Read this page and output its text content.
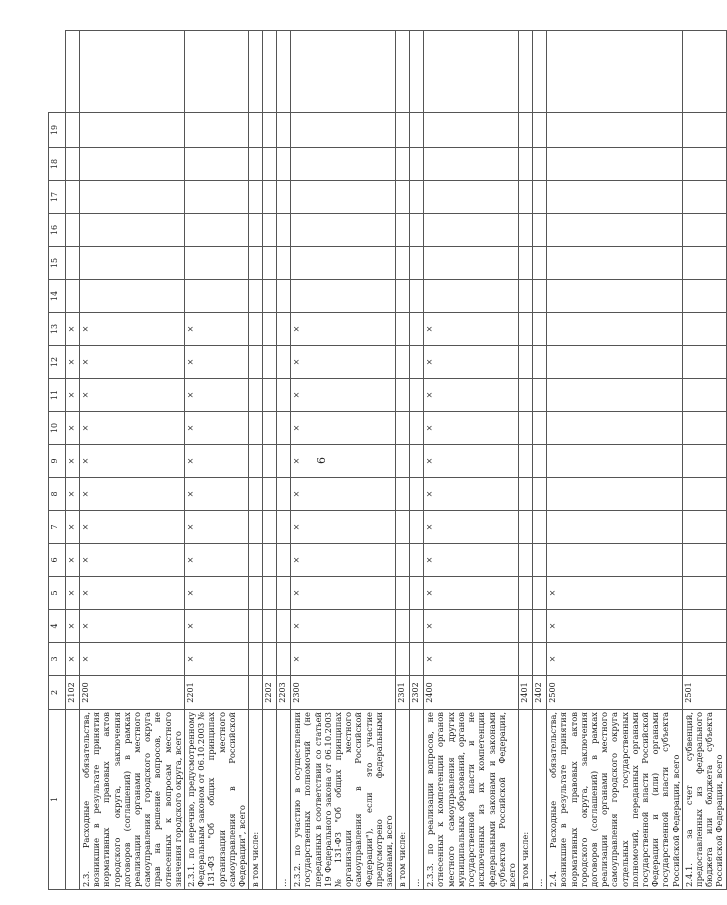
1	2	3	4	5	6	7	8	9	10	11	12	13	14	15	16	17	18	19	
	2102	×	×	×	×	×	×	×	×	×	×	×							
2.3. Расходные обязательства, возникшие в результате принятия нормативных правовых актов городского округа, заключения договоров (соглашений) в рамках реализации органами местного самоуправления городского округа прав на решение вопросов, не отнесенных к вопросам местного значения городского округа, всего	2200	×	×	×	×	×	×	×	×	×	×	×							
2.3.1. по перечню, предусмотренному Федеральным законом от 06.10.2003 № 131-ФЗ "Об общих принципах организации местного самоуправления в Российской Федерации", всего	2201	×	×	×	×	×	×	×	×	×	×	×							
в том числе:																			
	2202																		
…	2203																		
2.3.2. по участию в осуществлении государственных полномочий (не переданных в соответствии со статьей 19 Федерального закона от 06.10.2003 № 131-ФЗ "Об общих принципах организации местного самоуправления в Российской Федерации"), если это участие предусмотрено федеральными законами, всего	2300	×	×	×	×	×	×	×	×	×	×	×							
в том числе:	2301																		
…	2302																		
2.3.3. по реализации вопросов, не отнесенных к компетенции органов местного самоуправления других муниципальных образований, органов государственной власти и не исключенных из их компетенции федеральными законами и законами субъектов Российской Федерации, всего	2400	×	×	×	×	×	×	×	×	×	×	×							
в том числе:	2401																		
…	2402																		
2.4. Расходные обязательства, возникшие в результате принятия нормативных правовых актов городского округа, заключения договоров (соглашений) в рамках реализации органами местного самоуправления городского округа отдельных государственных полномочий, переданных органами государственной власти Российской Федерации и (или) органами государственной власти субъекта Российской Федерации, всего	2500	×	×	×															
2.4.1. за счет субвенций, предоставленных из федерального бюджета или бюджета субъекта Российской Федерации, всего	2501																		
6
